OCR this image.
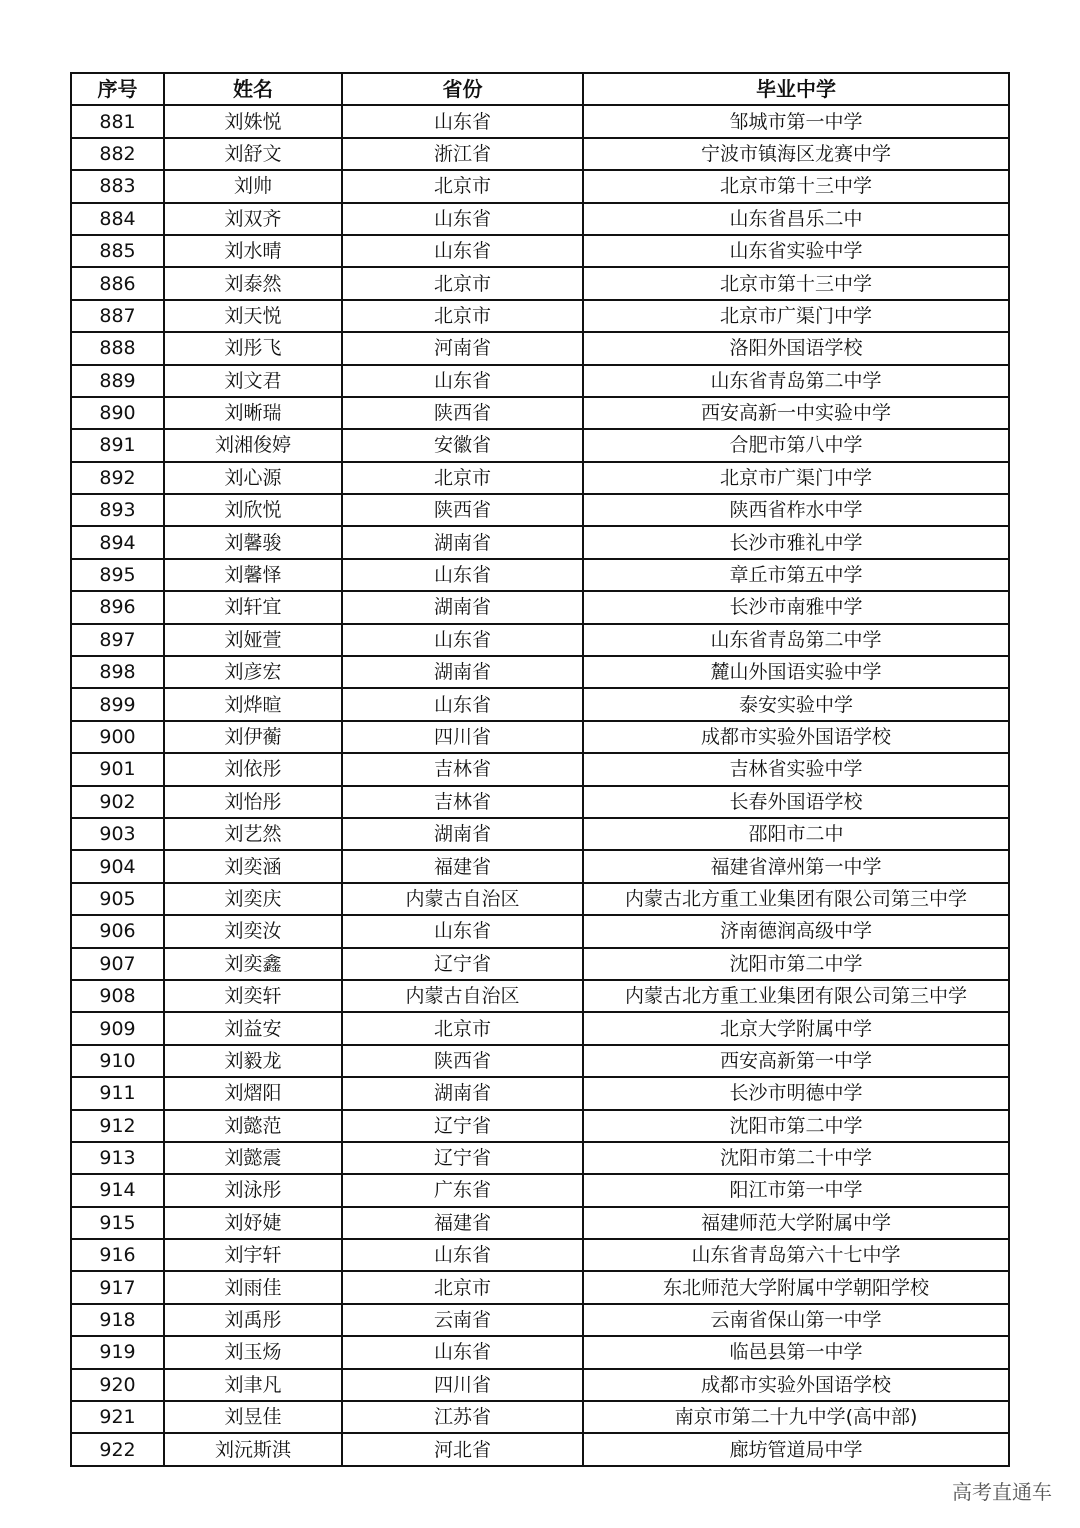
序号	姓名	省份	毕业中学
881	刘姝悦	山东省	邹城市第一中学
882	刘舒文	浙江省	宁波市镇海区龙赛中学
883	刘帅	北京市	北京市第十三中学
884	刘双齐	山东省	山东省昌乐二中
885	刘水晴	山东省	山东省实验中学
886	刘泰然	北京市	北京市第十三中学
887	刘天悦	北京市	北京市广渠门中学
888	刘彤飞	河南省	洛阳外国语学校
889	刘文君	山东省	山东省青岛第二中学
890	刘晰瑞	陕西省	西安高新一中实验中学
891	刘湘俊婷	安徽省	合肥市第八中学
892	刘心源	北京市	北京市广渠门中学
893	刘欣悦	陕西省	陕西省柞水中学
894	刘馨骏	湖南省	长沙市雅礼中学
895	刘馨怿	山东省	章丘市第五中学
896	刘轩宜	湖南省	长沙市南雅中学
897	刘娅萱	山东省	山东省青岛第二中学
898	刘彦宏	湖南省	麓山外国语实验中学
899	刘烨暄	山东省	泰安实验中学
900	刘伊蘅	四川省	成都市实验外国语学校
901	刘依彤	吉林省	吉林省实验中学
902	刘怡彤	吉林省	长春外国语学校
903	刘艺然	湖南省	邵阳市二中
904	刘奕涵	福建省	福建省漳州第一中学
905	刘奕庆	内蒙古自治区	内蒙古北方重工业集团有限公司第三中学
906	刘奕汝	山东省	济南德润高级中学
907	刘奕鑫	辽宁省	沈阳市第二中学
908	刘奕轩	内蒙古自治区	内蒙古北方重工业集团有限公司第三中学
909	刘益安	北京市	北京大学附属中学
910	刘毅龙	陕西省	西安高新第一中学
911	刘熠阳	湖南省	长沙市明德中学
912	刘懿范	辽宁省	沈阳市第二中学
913	刘懿震	辽宁省	沈阳市第二十中学
914	刘泳彤	广东省	阳江市第一中学
915	刘妤婕	福建省	福建师范大学附属中学
916	刘宇轩	山东省	山东省青岛第六十七中学
917	刘雨佳	北京市	东北师范大学附属中学朝阳学校
918	刘禹彤	云南省	云南省保山第一中学
919	刘玉炀	山东省	临邑县第一中学
920	刘聿凡	四川省	成都市实验外国语学校
921	刘昱佳	江苏省	南京市第二十九中学(高中部)
922	刘沅斯淇	河北省	廊坊管道局中学
高考直通车
